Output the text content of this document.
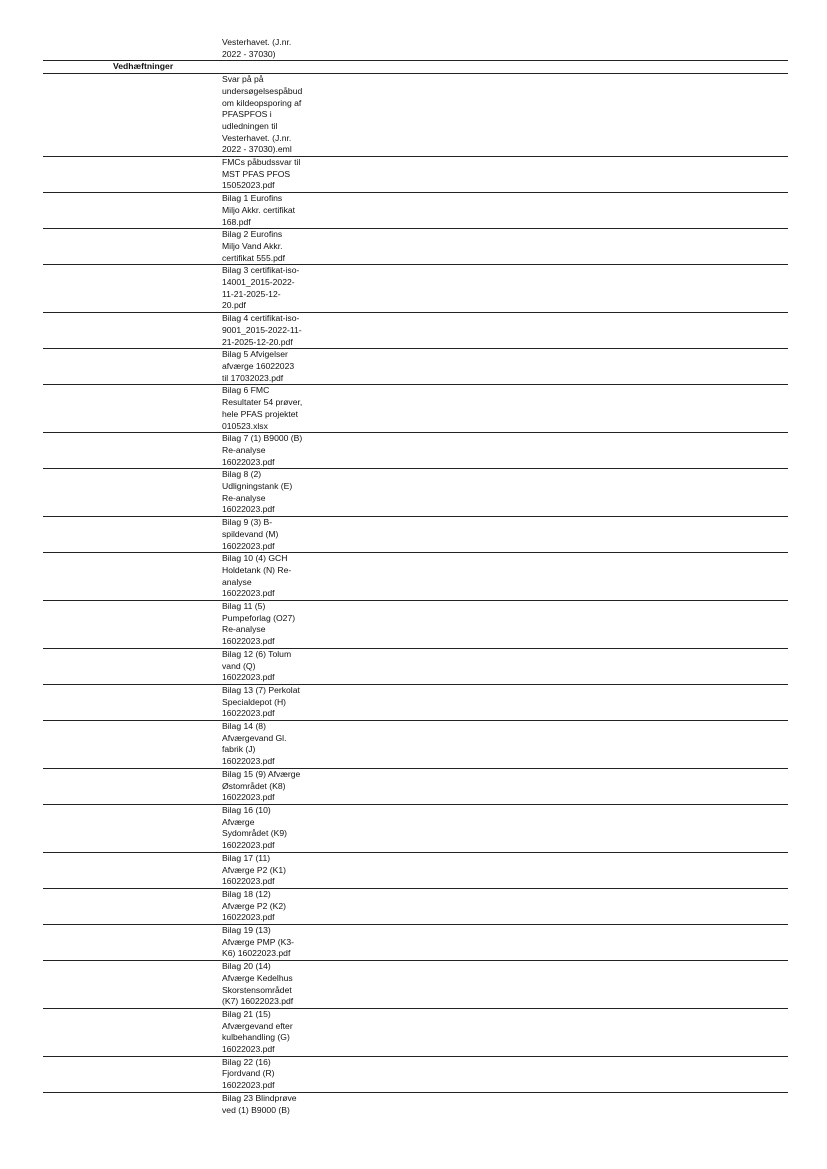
Vesterhavet. (J.nr.
2022 - 37030)
Vedhæftninger
Svar på på
undersøgelsespåbud
om kildeopsporing af
PFASPFOS i
udledningen til
Vesterhavet. (J.nr.
2022 - 37030).eml
FMCs påbudssvar til
MST PFAS PFOS
15052023.pdf
Bilag 1 Eurofins
Miljo Akkr. certifikat
168.pdf
Bilag 2 Eurofins
Miljo Vand Akkr.
certifikat 555.pdf
Bilag 3 certifikat-iso-
14001_2015-2022-
11-21-2025-12-
20.pdf
Bilag 4 certifikat-iso-
9001_2015-2022-11-
21-2025-12-20.pdf
Bilag 5 Afvigelser
afværge 16022023
til 17032023.pdf
Bilag 6 FMC
Resultater 54 prøver,
hele PFAS projektet
010523.xlsx
Bilag 7 (1) B9000 (B)
Re-analyse
16022023.pdf
Bilag 8 (2)
Udligningstank (E)
Re-analyse
16022023.pdf
Bilag 9 (3) B-
spildevand (M)
16022023.pdf
Bilag 10 (4) GCH
Holdetank (N) Re-
analyse
16022023.pdf
Bilag 11 (5)
Pumpeforlag (O27)
Re-analyse
16022023.pdf
Bilag 12 (6) Tolum
vand (Q)
16022023.pdf
Bilag 13 (7) Perkolat
Specialdepot (H)
16022023.pdf
Bilag 14 (8)
Afværgevand Gl.
fabrik (J)
16022023.pdf
Bilag 15 (9) Afværge
Østområdet (K8)
16022023.pdf
Bilag 16 (10)
Afværge
Sydområdet (K9)
16022023.pdf
Bilag 17 (11)
Afværge P2 (K1)
16022023.pdf
Bilag 18 (12)
Afværge P2 (K2)
16022023.pdf
Bilag 19 (13)
Afværge PMP (K3-
K6) 16022023.pdf
Bilag 20 (14)
Afværge Kedelhus
Skorstensområdet
(K7) 16022023.pdf
Bilag 21 (15)
Afværgevand efter
kulbehandling (G)
16022023.pdf
Bilag 22 (16)
Fjordvand (R)
16022023.pdf
Bilag 23 Blindprøve
ved (1) B9000 (B)
